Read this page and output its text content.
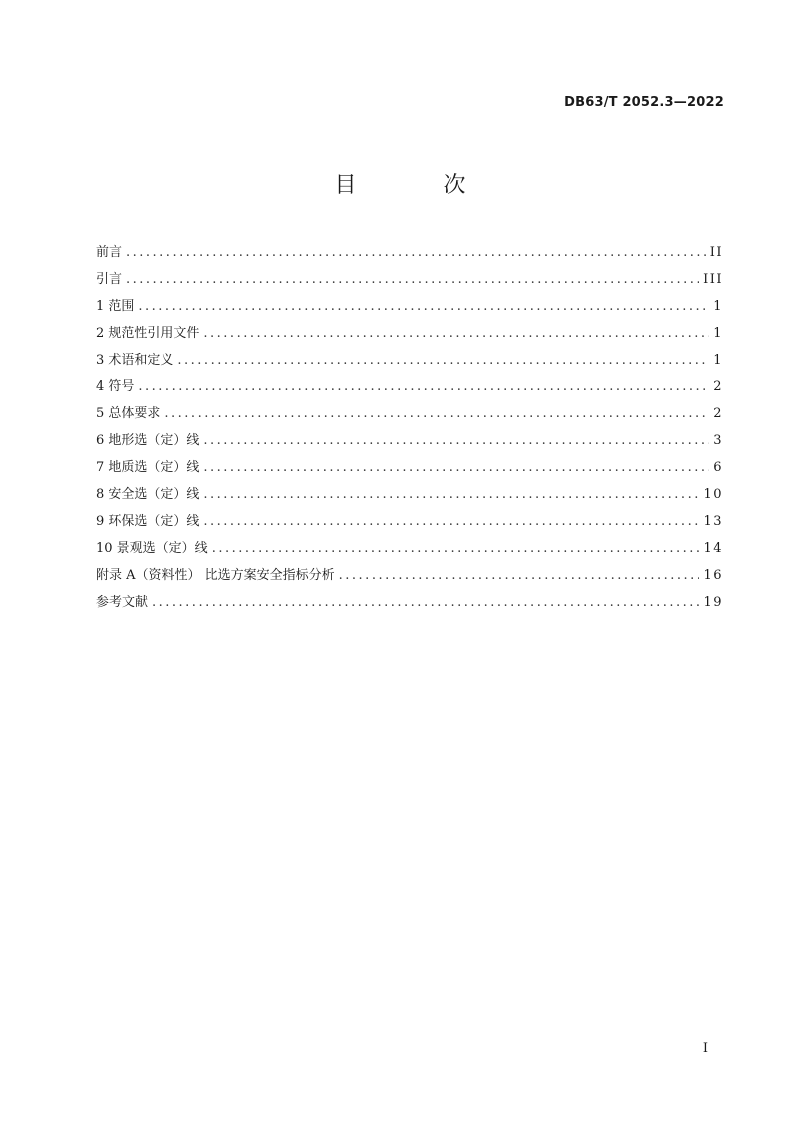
DB63/T 2052.3—2022
目 次
前言 .....	II
引言 .....	III
1 范围 .....	1
2 规范性引用文件 .....	1
3 术语和定义 .....	1
4 符号 .....	2
5 总体要求 .....	2
6 地形选（定）线 .....	3
7 地质选（定）线 .....	6
8 安全选（定）线 .....	10
9 环保选（定）线 .....	13
10 景观选（定）线 .....	14
附录 A（资料性） 比选方案安全指标分析 .....	16
参考文献 .....	19
I
